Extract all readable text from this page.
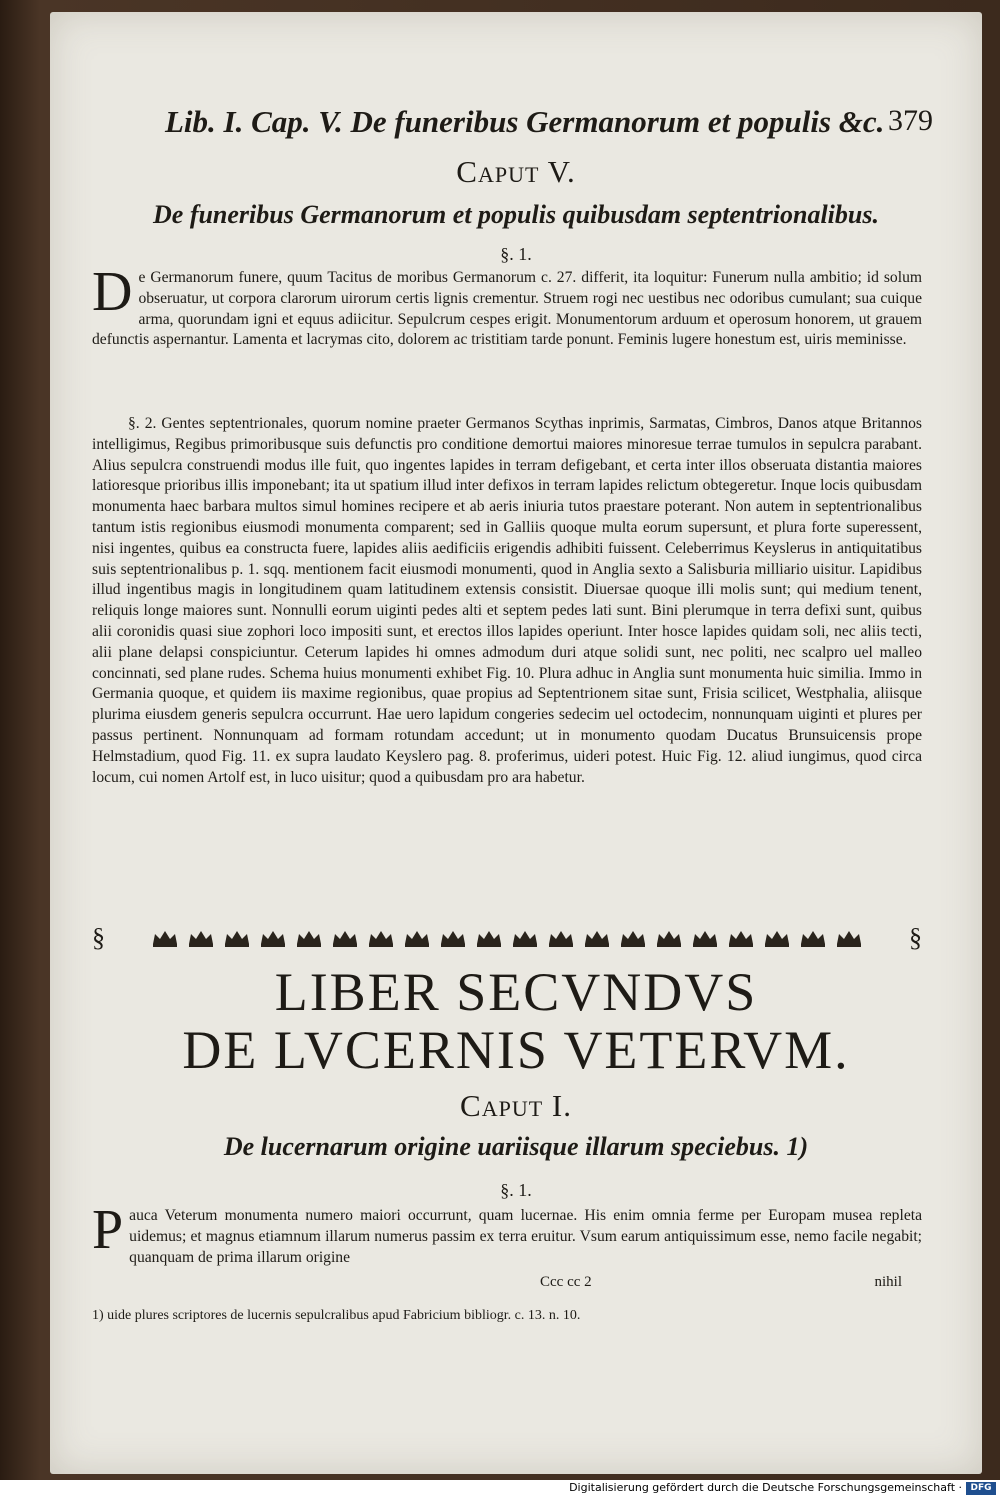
Lib. I. Cap. V. De funeribus Germanorum et populis &c. 379
Caput V.
De funeribus Germanorum et populis quibusdam septentrionalibus.
§. 1.
D e Germanorum funere, quum Tacitus de moribus Germanorum c. 27. differit, ita loquitur: Funerum nulla ambitio; id solum obseruatur, ut corpora clarorum uirorum certis lignis crementur. Struem rogi nec uestibus nec odoribus cumulant; sua cuique arma, quorundam igni et equus adiicitur. Sepulcrum cespes erigit. Monumentorum arduum et operosum honorem, ut grauem defunctis aspernantur. Lamenta et lacrymas cito, dolorem ac tristitiam tarde ponunt. Feminis lugere honestum est, uiris meminisse.

§. 2. Gentes septentrionales, quorum nomine praeter Germanos Scythas inprimis, Sarmatas, Cimbros, Danos atque Britannos intelligimus, Regibus primoribusque suis defunctis pro conditione demortui maiores minoresue terrae tumulos in sepulcra parabant. Alius sepulcra construendi modus ille fuit, quo ingentes lapides in terram defigebant, et certa inter illos obseruata distantia maiores latioresque prioribus illis imponebant; ita ut spatium illud inter defixos in terram lapides relictum obtegeretur. Inque locis quibusdam monumenta haec barbara multos simul homines recipere et ab aeris iniuria tutos praestare poterant. Non autem in septentrionalibus tantum istis regionibus eiusmodi monumenta comparent; sed in Galliis quoque multa eorum supersunt, et plura forte superessent, nisi ingentes, quibus ea constructa fuere, lapides aliis aedificiis erigendis adhibiti fuissent. Celeberrimus Keyslerus in antiquitatibus suis septentrionalibus p. 1. sqq. mentionem facit eiusmodi monumenti, quod in Anglia sexto a Salisburia milliario uisitur. Lapidibus illud ingentibus magis in longitudinem quam latitudinem extensis consistit. Diuersae quoque illi molis sunt; qui medium tenent, reliquis longe maiores sunt. Nonnulli eorum uiginti pedes alti et septem pedes lati sunt. Bini plerumque in terra defixi sunt, quibus alii coronidis quasi siue zophori loco impositi sunt, et erectos illos lapides operiunt. Inter hosce lapides quidam soli, nec aliis tecti, alii plane delapsi conspiciuntur. Ceterum lapides hi omnes admodum duri atque solidi sunt, nec politi, nec scalpro uel malleo concinnati, sed plane rudes. Schema huius monumenti exhibet Fig. 10. Plura adhuc in Anglia sunt monumenta huic similia. Immo in Germania quoque, et quidem iis maxime regionibus, quae propius ad Septentrionem sitae sunt, Frisia scilicet, Westphalia, aliisque plurima eiusdem generis sepulcra occurrunt. Hae uero lapidum congeries sedecim uel octodecim, nonnunquam uiginti et plures per passus pertinent. Nonnunquam ad formam rotundam accedunt; ut in monumento quodam Ducatus Brunsuicensis prope Helmstadium, quod Fig. 11. ex supra laudato Keyslero pag. 8. proferimus, uideri potest. Huic Fig. 12. aliud iungimus, quod circa locum, cui nomen Artolf est, in luco uisitur; quod a quibusdam pro ara habetur.

§	§
LIBER SECVNDVS
DE LVCERNIS VETERVM.
Caput I.
De lucernarum origine uariisque illarum speciebus. 1)
§. 1.
P auca Veterum monumenta numero maiori occurrunt, quam lucernae. His enim omnia ferme per Europam musea repleta uidemus; et magnus etiamnum illarum numerus passim ex terra eruitur. Vsum earum antiquissimum esse, nemo facile negabit; quanquam de prima illarum origine

Ccc cc 2	nihil
1) uide plures scriptores de lucernis sepulcralibus apud Fabricium bibliogr. c. 13. n. 10.
Digitalisierung gefördert durch die Deutsche Forschungsgemeinschaft · DFG
